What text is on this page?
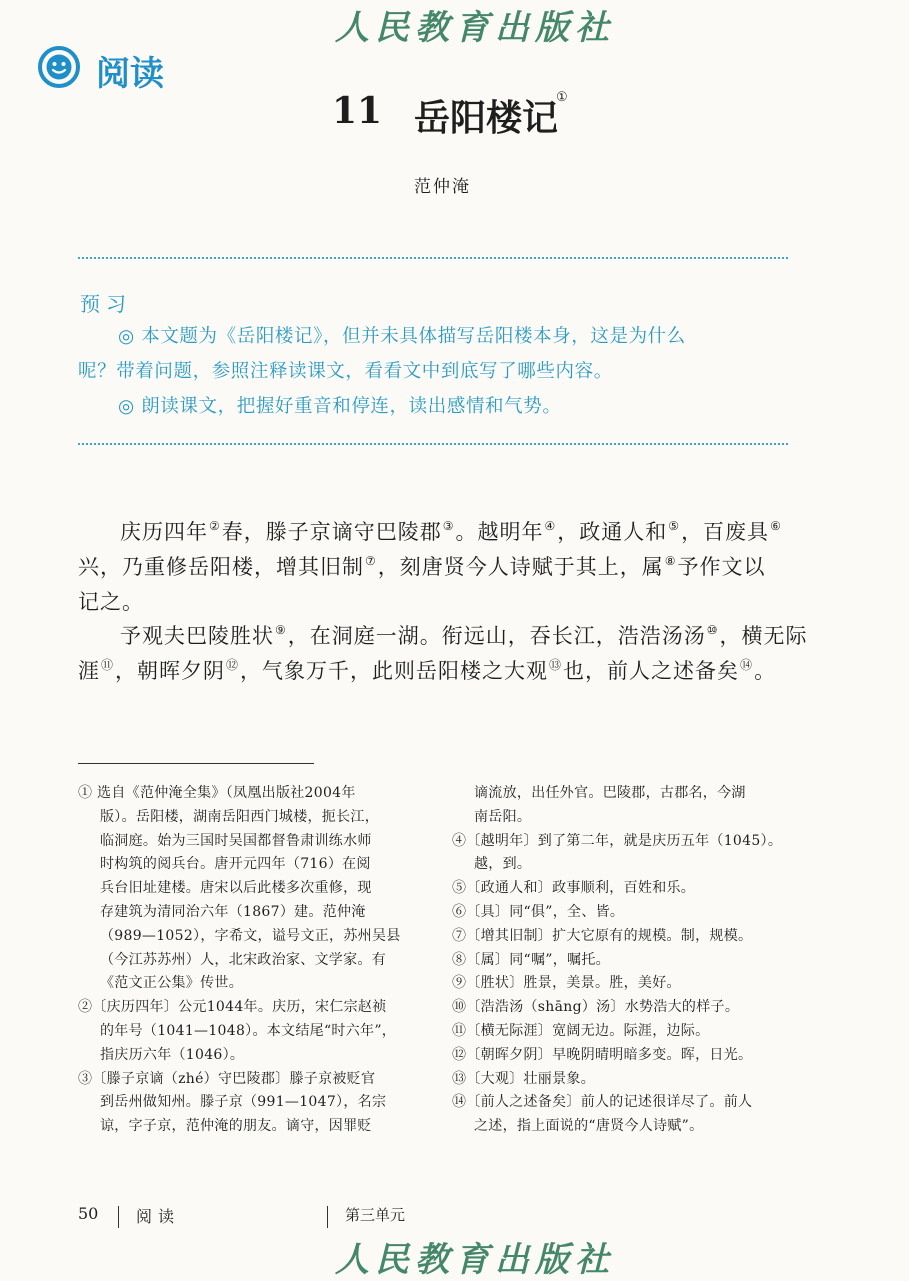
人民教育出版社
阅读
11 岳阳楼记
①
范仲淹
预习
◎ 本文题为《岳阳楼记》，但并未具体描写岳阳楼本身，这是为什么
呢？带着问题，参照注释读课文，看看文中到底写了哪些内容。
◎ 朗读课文，把握好重音和停连，读出感情和气势。
庆历四年②春，滕子京谪守巴陵郡③。越明年④，政通人和⑤，百废具⑥
兴，乃重修岳阳楼，增其旧制⑦，刻唐贤今人诗赋于其上，属⑧予作文以
记之。
予观夫巴陵胜状⑨，在洞庭一湖。衔远山，吞长江，浩浩汤汤⑩，横无际
涯⑪，朝晖夕阴⑫，气象万千，此则岳阳楼之大观⑬也，前人之述备矣⑭。
① 选自《范仲淹全集》（凤凰出版社2004年
版）。岳阳楼，湖南岳阳西门城楼，扼长江，
临洞庭。始为三国时吴国都督鲁肃训练水师
时构筑的阅兵台。唐开元四年（716）在阅
兵台旧址建楼。唐宋以后此楼多次重修，现
存建筑为清同治六年（1867）建。范仲淹
（989—1052），字希文，谥号文正，苏州吴县
（今江苏苏州）人，北宋政治家、文学家。有
《范文正公集》传世。
②〔庆历四年〕公元1044年。庆历，宋仁宗赵祯
的年号（1041—1048）。本文结尾“时六年”，
指庆历六年（1046）。
③〔滕子京谪（zhé）守巴陵郡〕滕子京被贬官
到岳州做知州。滕子京（991—1047），名宗
谅，字子京，范仲淹的朋友。谪守，因罪贬
谪流放，出任外官。巴陵郡，古郡名，今湖
南岳阳。
④〔越明年〕到了第二年，就是庆历五年（1045）。
越，到。
⑤〔政通人和〕政事顺利，百姓和乐。
⑥〔具〕同“俱”，全、皆。
⑦〔增其旧制〕扩大它原有的规模。制，规模。
⑧〔属〕同“嘱”，嘱托。
⑨〔胜状〕胜景，美景。胜，美好。
⑩〔浩浩汤（shāng）汤〕水势浩大的样子。
⑪〔横无际涯〕宽阔无边。际涯，边际。
⑫〔朝晖夕阴〕早晚阴晴明暗多变。晖，日光。
⑬〔大观〕壮丽景象。
⑭〔前人之述备矣〕前人的记述很详尽了。前人
之述，指上面说的“唐贤今人诗赋”。
50 阅读	第三单元
人民教育出版社
